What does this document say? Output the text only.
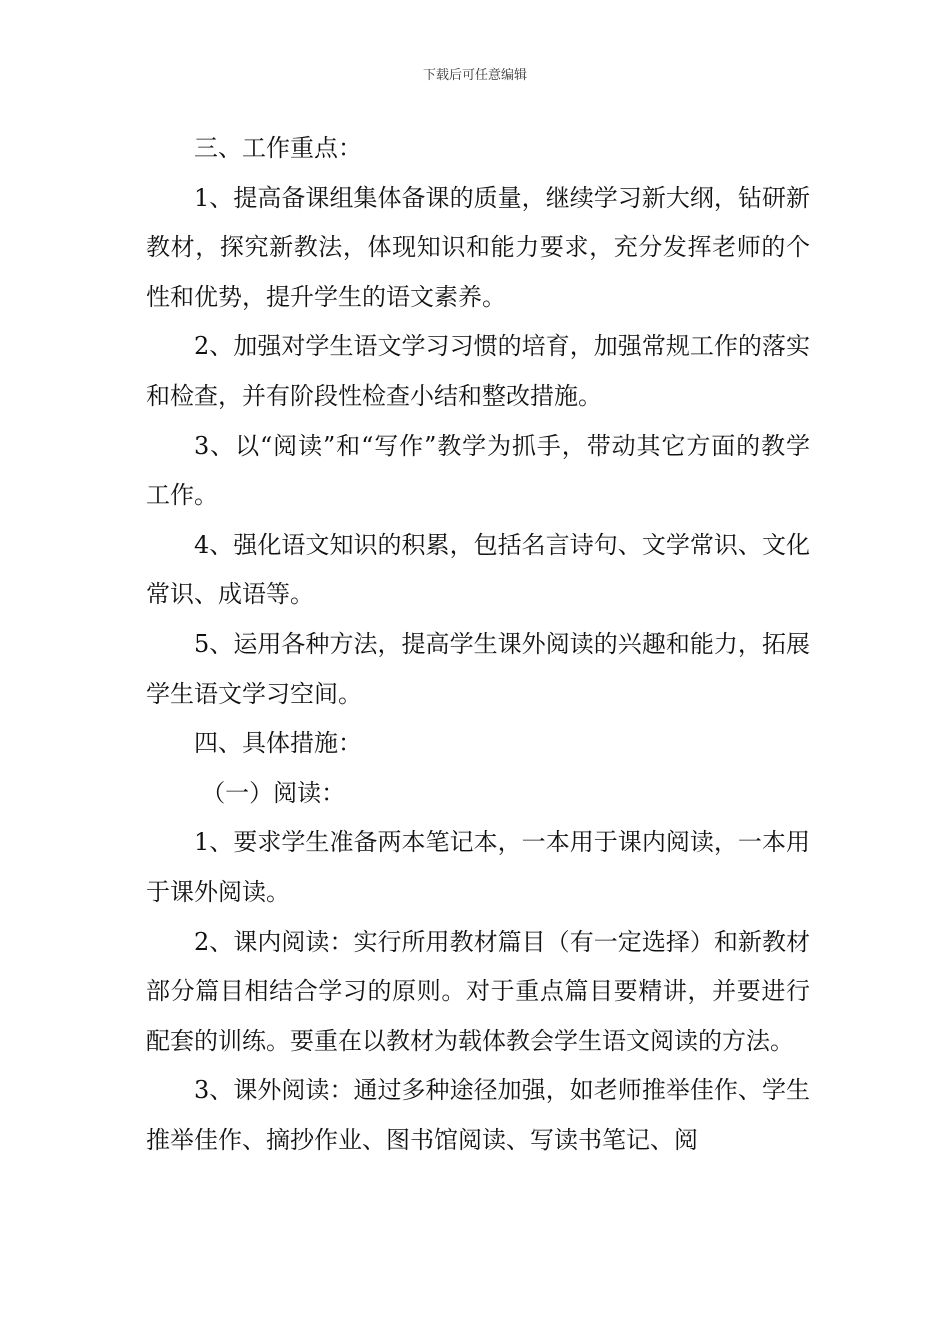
下载后可任意编辑

三、工作重点：

1、提高备课组集体备课的质量，继续学习新大纲，钻研新教材，探究新教法，体现知识和能力要求，充分发挥老师的个性和优势，提升学生的语文素养。

2、加强对学生语文学习习惯的培育，加强常规工作的落实和检查，并有阶段性检查小结和整改措施。

3、以“阅读”和“写作”教学为抓手，带动其它方面的教学工作。

4、强化语文知识的积累，包括名言诗句、文学常识、文化常识、成语等。

5、运用各种方法，提高学生课外阅读的兴趣和能力，拓展学生语文学习空间。

四、具体措施：

（一）阅读：

1、要求学生准备两本笔记本，一本用于课内阅读，一本用于课外阅读。

2、课内阅读：实行所用教材篇目（有一定选择）和新教材部分篇目相结合学习的原则。对于重点篇目要精讲，并要进行配套的训练。要重在以教材为载体教会学生语文阅读的方法。

3、课外阅读：通过多种途径加强，如老师推举佳作、学生推举佳作、摘抄作业、图书馆阅读、写读书笔记、阅
